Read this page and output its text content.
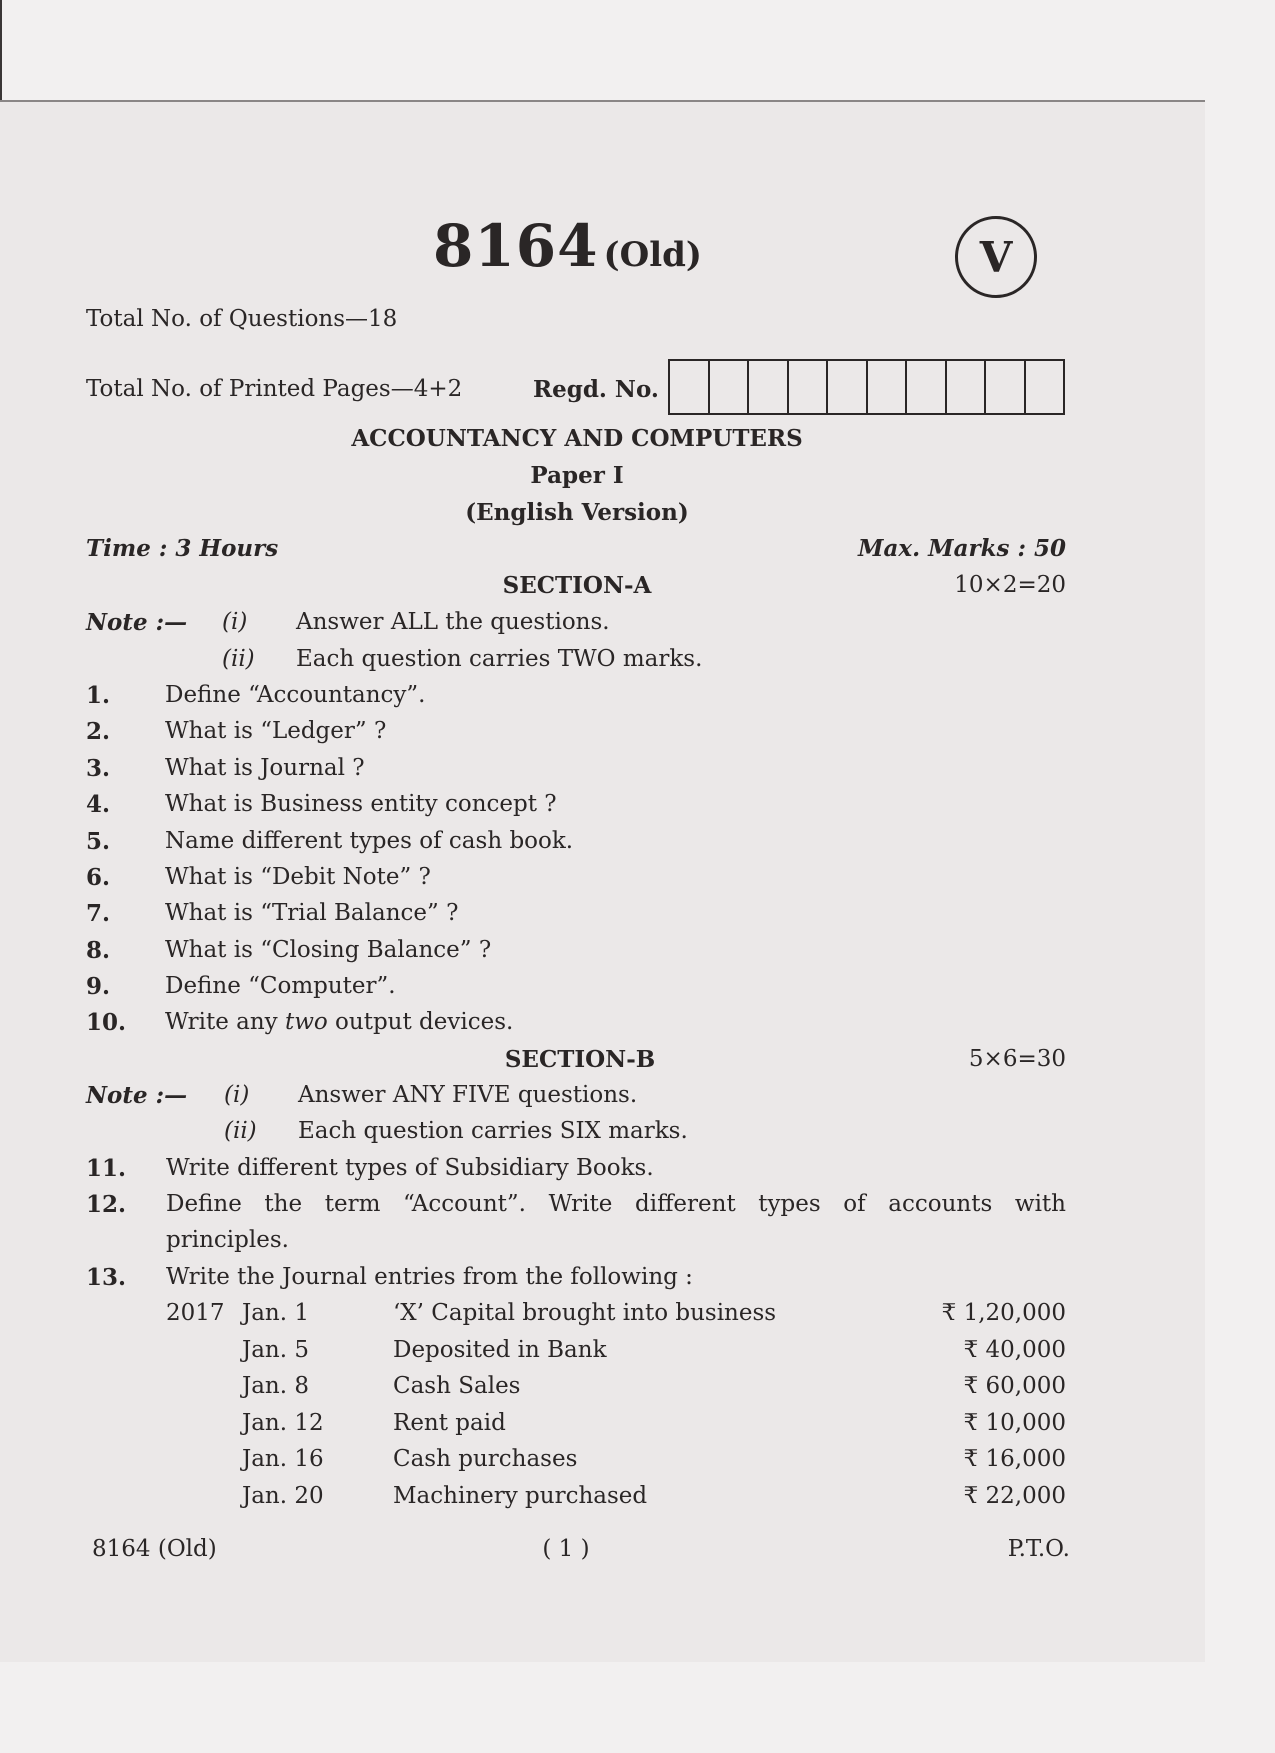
8164 (Old)	V
Total No. of Questions—18
Total No. of Printed Pages—4+2	Regd. No.
ACCOUNTANCY AND COMPUTERS
Paper I
(English Version)
Time : 3 Hours	Max. Marks : 50
SECTION-A	10×2=20
Note :— (i) Answer ALL the questions.
(ii) Each question carries TWO marks.
1. Define “Accountancy”.
2. What is “Ledger” ?
3. What is Journal ?
4. What is Business entity concept ?
5. Name different types of cash book.
6. What is “Debit Note” ?
7. What is “Trial Balance” ?
8. What is “Closing Balance” ?
9. Define “Computer”.
10. Write any two output devices.
SECTION-B	5×6=30
Note :— (i) Answer ANY FIVE questions.
(ii) Each question carries SIX marks.
11. Write different types of Subsidiary Books.
12. Define the term “Account”. Write different types of accounts with
principles.
13. Write the Journal entries from the following :
2017 Jan. 1	‘X’ Capital brought into business	₹ 1,20,000
Jan. 5	Deposited in Bank	₹ 40,000
Jan. 8	Cash Sales	₹ 60,000
Jan. 12	Rent paid	₹ 10,000
Jan. 16	Cash purchases	₹ 16,000
Jan. 20	Machinery purchased	₹ 22,000
8164 (Old)	( 1 )	P.T.O.
